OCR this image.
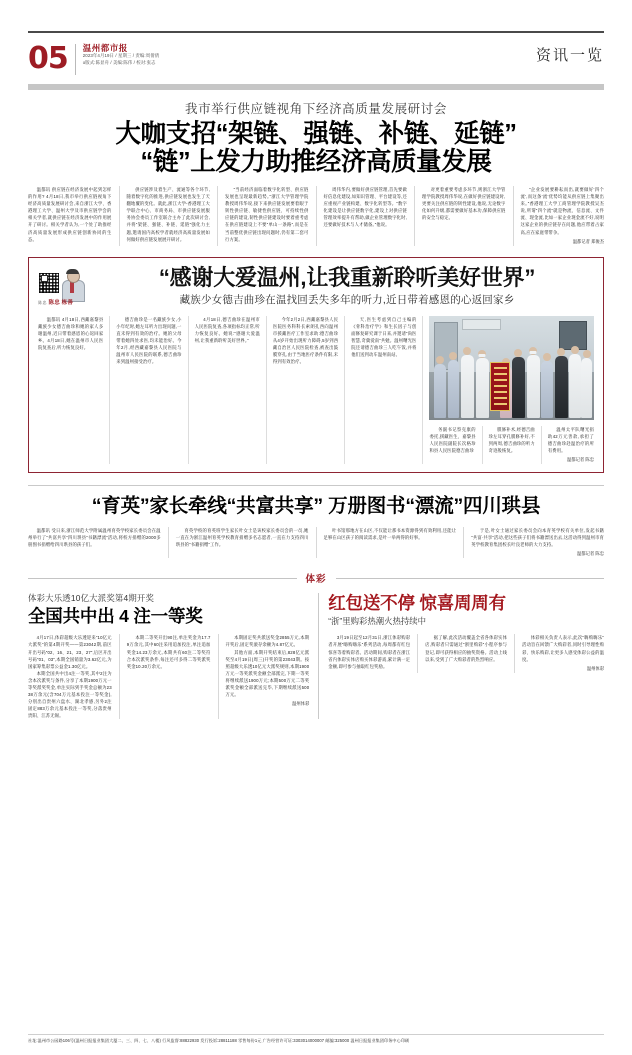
05	温州都市报
2023年4月19日 / 星期三 / 责编:周倩倩
o版式:陈显舟 / 美编:陈伟 / 校对:张志	资讯一览
我市举行供应链视角下经济高质量发展研讨会
大咖支招“架链、强链、补链、延链”
“链”上发力助推经济高质量发展

温都讯 供应链在经济发展中起到怎样的作用? 4月18日,我市举行供应链视角下经济高质量发展研讨会,来自浙江大学、香港理工大学、温州大学及市供应链学会的相关学者,就供应链在经济发展中的作用展开了研讨。相关学者认为,一个处了助推经济高质量发展形成供应链创新协同的生态。

供应链涉及着生产、流通等各个环节,随着数字化的推进,供应链发展也发生了天翻地覆的变化。就此,浙江大学-香港理工大学联合中心、市商务局、市供应链发展服务协会委员工作室联合主办了此次研讨会,并将“架链、强链、补链、延链”强化力主题,邀请国内高校学者就经济高质量发展如何做好供应链发展展开研讨。

“当前经济面临着数字化转型、供应链发展也呈现最新趋势。”浙江大学管理学院教授周伟华说,接下来供应链发展要着眼于韧性供应链、敏捷性供应链、可持续性供应链的建设,韧性供应链建设时要着重考虑在供应链建设上不要“单山一条路”,而是在当前整优供应链出现问题时,仍有第二套可行方案。

周伟华内,要做好供应链管理,首先要做好信息化建设,如知识管理、平台建设等,还应重视产业链构建、数字化转型等。“数字化建设是让供应链数字化,建设上对供应链管理效率提升有帮助,做企业管理数字化时,还要做好技术与人才储备。”他说。

对更着重要考虑多环节,则浙江大学管理学院教授周伟华说,在做好供应链建设时,更要关注供应链的韧性建设,他说,无论数字化如何升级,都需要做好基本功,保障供应链的安全与稳定。

“企业发展要耕耘而出,就要做好‘四个流’,而这条‘流’优势均能从供应链上集聚出来。”香港理工大学工商管理学院教授吴杰说,所谓“四个流”就是物流、信息流、文件流、现金流,比如一家企业现金流不好,说明这家企业的供应链存在问题,他应带着占家高,应在家庭带带争。

温都记者 郑俊杰
陈忠 陈忠 栋善
“感谢大爱温州,让我重新聆听美好世界”
藏族少女德吉曲珍在温找回丢失多年的听力,近日带着感恩的心返回家乡

温都讯 4月18日,西藏嘉黎县藏族少女德吉曲珍和她的家人多谢温州,近日带着感恩的心返回家乡。4月18日,她在温州市人民医院复查后,听力恢复良好。

德吉曲珍是一名藏族少女,小小年纪时,她左耳听力出现问题,一直未得到有效的治疗。她的父母带着她四处求医,均未能治好。今年2月,经西藏嘉黎县人民医院与温州市人民医院的联系,德吉曲珍来到温州接受治疗。

4月18日,德吉曲珍在温州市人民医院复查,各项指标均正常,听力恢复良好。她说:“感谢大爱温州,让我重新聆听美好世界。”

今年2月2日,西藏嘉黎县人民医院医务科科长索朗孔西向温州市援藏医疗工作室求助:德吉曲珍从4岁开始出现听力障碍,5岁到西藏自治区人民医院检查,被查出鼓膜穿孔,由于当地医疗条件有限,未得到有效治疗。

天,医生考虑到自己主编的《骨科治疗学》和生长因子与创面修复研究课于日来,并邀请“尚医智慧,奇冀爱南”共勉。温州曙光医院还请德吉曲珍三人吃午饭,并将他们送到动车温州南站。

务副书记察克康的委托,援藏医生、嘉黎县人民医院副院长次格珍和县人民医院德吉曲珍

膜修补术,经德吉曲珍左耳穿孔膜修补好,不到两周,德吉曲珍的听力奇迹般恢复。

温州太平队曙光捐助42万元善款,承担了德吉曲珍赴温治疗的所有费用。

温都记者 陈忠
“育英”家长牵线“共富共享” 万册图书“漂流”四川珙县

温都讯 受日来,浙江师范大学附属温州育英学校家长委员会在温州举行了“共富共享”四川珙县“书籍漂流”活动,将校方捐赠的2000多册图书捐赠给四川珙县的孩子们。

育英学校的育英班学生家长叶女士是该校家长委员会的一员,她一直在为浙江温州育英学校教育捐赠多名志愿者,一直在力支持四川珙县的“书籍捐赠”工作。

叶书馆那地方在山区,不仅能让那书本资源得到有效利用,还能让足够在山区孩子的阅读需求,是叶一举两得的好事。

于是,叶女士通过家长委员会向本育英学校有关单位,发起书籍“共富·共享”活动,把这些孩子们将书籍漂送出去,这活动得到温州市育英学校教育集团校长叶良老师的大力支持。

温都记者 陈忠
体彩
体彩大乐透10亿大派奖第4期开奖
全国共中出 4 注一等奖

4月17日,体彩超级大乐透迎来“10亿元大派奖”的第4期开奖——第23042期,前区开出号码“02、16、21、23、27”,后区开出号码“01、03”,本期全国销量为3.62亿元,为国家筹集彩票公益金1.30亿元。

本期全国共中出4注一等奖,其中2注为含本次派奖与条件,分享了本期1900万元一等奖派奖奖金,单注实际到手奖金总额为2338万余元(含704万元基本投注一等奖金),分别出自贵州六盘水、湖北孝感,另外2注固定883万余元基本投注一等奖,分落贵州贵阳、江苏无锡。

本期二等奖开出90注,单注奖金为17.79万余元,其中60注采用追加投注,单注追加奖金14.23万余元,本期共有60注二等奖符合本次派奖条件,每注还可多得二等奖派奖奖金10.20万余元。

本期固定奖共派送奖金2855万元,本期开奖后,固定奖滚存余额为4.87亿元。

其他方面,本期开奖结束后,828亿元派奖至4月19日(周三)开奖的第23043期。按照超级大乐透10亿元大派奖规则,本期1900万元一等奖派奖金额全部派完,下期一等奖将继续派送1900万元;本期500万元二等奖派奖金额全部派送完毕,下期继续派送500万元。

温州体彩
红包送不停 惊喜周周有
“浙”里购彩热潮火热持续中

3月19日起至12月31日,浙江体彩购彩者开展“嗨购嗨乐”系列活动,每周都有红包惊喜等着购彩者。活动期间,购彩者在浙江省内体彩实体店购买体彩游戏,累计满一定金额,即可参与抽取红包奖励。

据了解,此次活动覆盖全省各体彩实体店,购彩者只需通过“浙里购彩”小程序参与登记,即可获得相应的抽奖资格。活动上线以来,受到了广大购彩者的热烈响应。

体彩相关负责人表示,此次“嗨购嗨乐”活动旨在回馈广大购彩者,同时引导理性购彩、快乐购彩,让更多人感受体彩公益的温度。

温州体彩
社址:温州市公园路106号(温州日报报业集团大厦二、三、四、七、八楼) 行风监督:88822930 发行投诉:28811188 零售每份1元 广告经营许可证:3303014000007 邮编:325000 温州日报报业集团印务中心印刷
